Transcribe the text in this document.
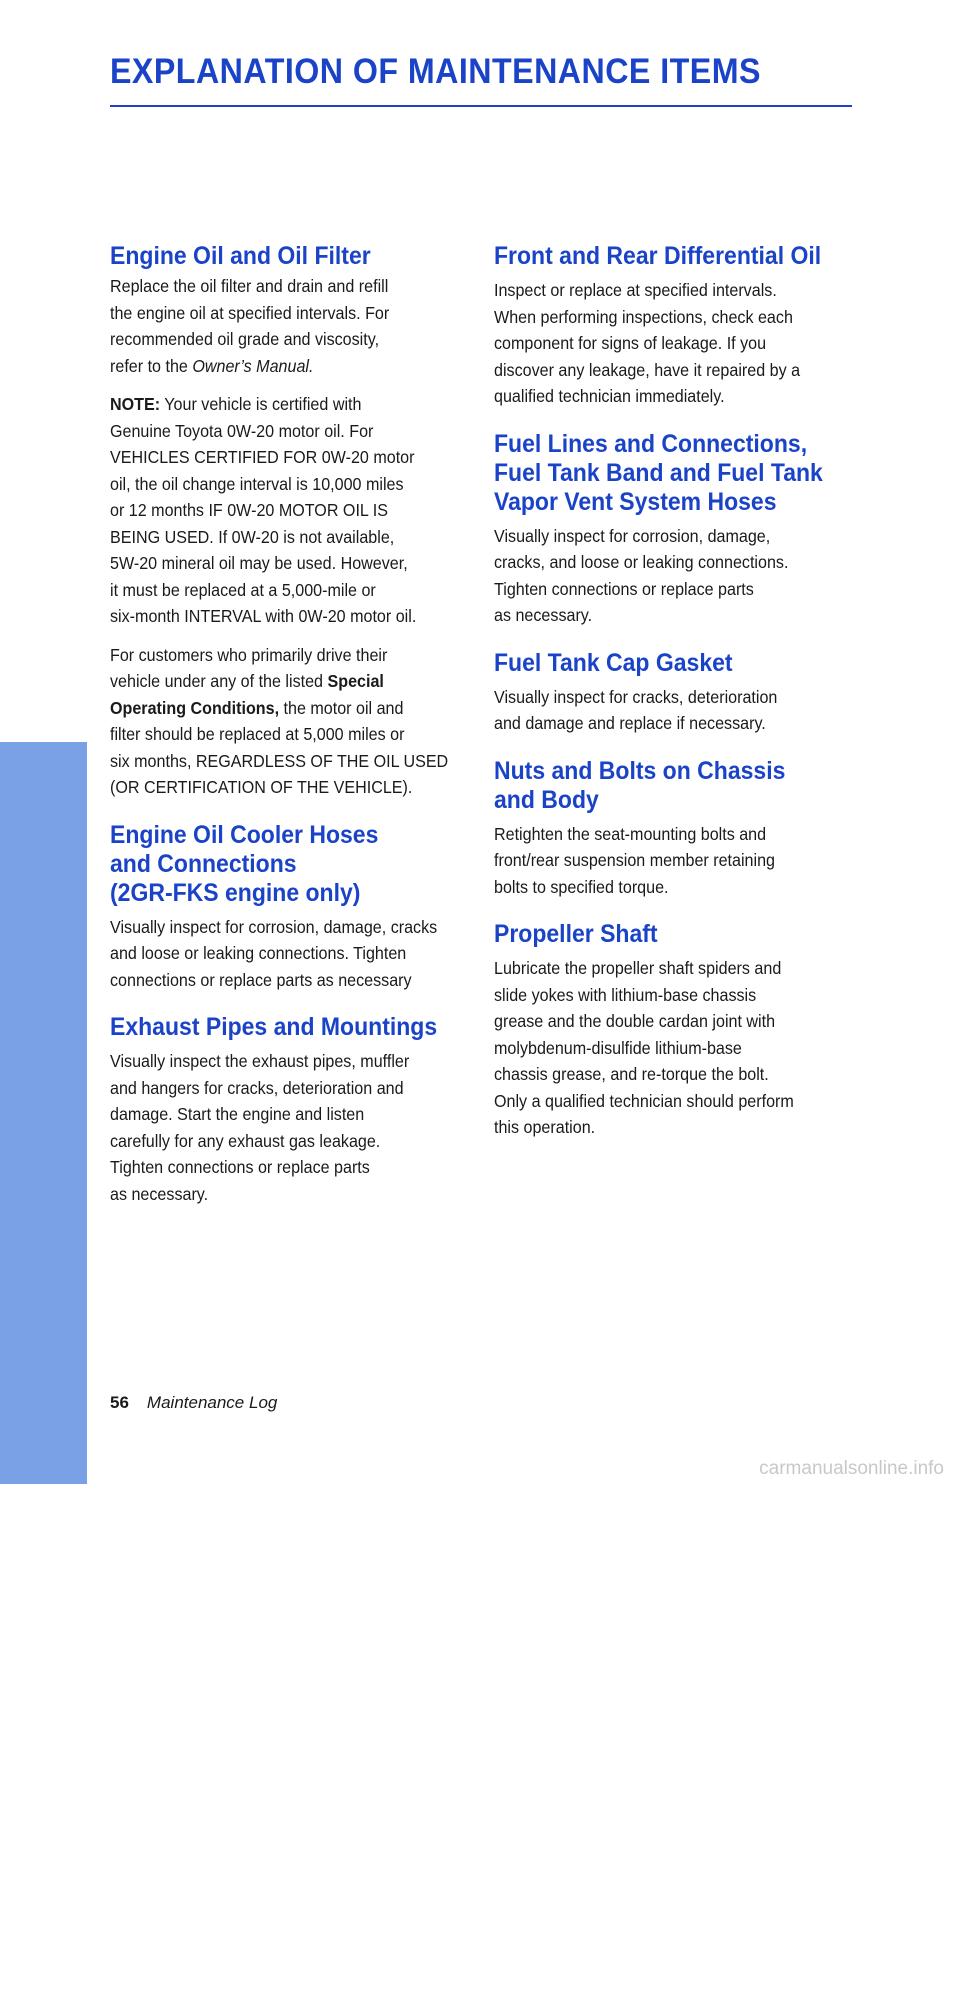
EXPLANATION OF MAINTENANCE ITEMS
MAINTENANCE
Engine Oil and Oil Filter
Replace the oil filter and drain and refill
the engine oil at specified intervals. For
recommended oil grade and viscosity,
refer to the Owner’s Manual.
NOTE: Your vehicle is certified with
Genuine Toyota 0W-20 motor oil. For
VEHICLES CERTIFIED FOR 0W-20 motor
oil, the oil change interval is 10,000 miles
or 12 months IF 0W-20 MOTOR OIL IS
BEING USED. If 0W-20 is not available,
5W-20 mineral oil may be used. However,
it must be replaced at a 5,000-mile or
six-month INTERVAL with 0W-20 motor oil.
For customers who primarily drive their
vehicle under any of the listed Special
Operating Conditions, the motor oil and
filter should be replaced at 5,000 miles or
six months, REGARDLESS OF THE OIL USED
(OR CERTIFICATION OF THE VEHICLE).
Engine Oil Cooler Hoses
and Connections
(2GR-FKS engine only)
Visually inspect for corrosion, damage, cracks
and loose or leaking connections. Tighten
connections or replace parts as necessary
Exhaust Pipes and Mountings
Visually inspect the exhaust pipes, muffler
and hangers for cracks, deterioration and
damage. Start the engine and listen
carefully for any exhaust gas leakage.
Tighten connections or replace parts
as necessary.
Front and Rear Differential Oil
Inspect or replace at specified intervals.
When performing inspections, check each
component for signs of leakage. If you
discover any leakage, have it repaired by a
qualified technician immediately.
Fuel Lines and Connections,
Fuel Tank Band and Fuel Tank
Vapor Vent System Hoses
Visually inspect for corrosion, damage,
cracks, and loose or leaking connections.
Tighten connections or replace parts
as necessary.
Fuel Tank Cap Gasket
Visually inspect for cracks, deterioration
and damage and replace if necessary.
Nuts and Bolts on Chassis
and Body
Retighten the seat-mounting bolts and
front/rear suspension member retaining
bolts to specified torque.
Propeller Shaft
Lubricate the propeller shaft spiders and
slide yokes with lithium-base chassis
grease and the double cardan joint with
molybdenum-disulfide lithium-base
chassis grease, and re-torque the bolt.
Only a qualified technician should perform
this operation.
56 Maintenance Log
carmanualsonline.info
